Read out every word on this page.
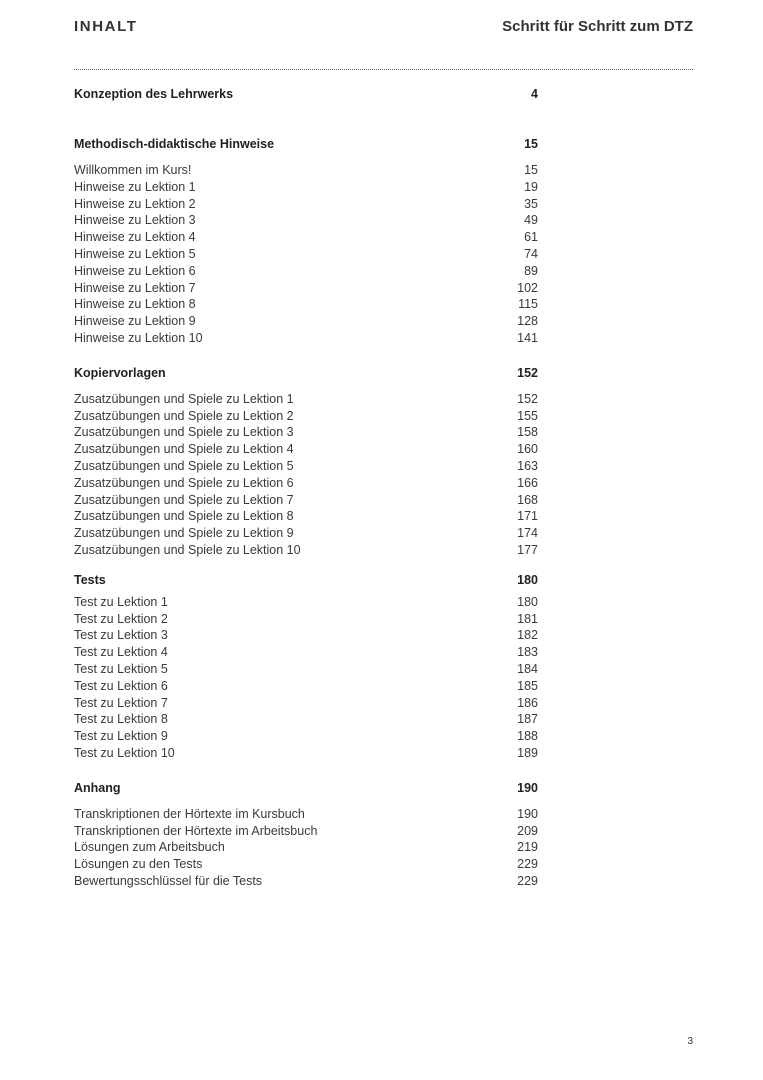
INHALT	Schritt für Schritt zum DTZ
Konzeption des Lehrwerks	4
Methodisch-didaktische Hinweise	15
Willkommen im Kurs!	15
Hinweise zu Lektion 1	19
Hinweise zu Lektion 2	35
Hinweise zu Lektion 3	49
Hinweise zu Lektion 4	61
Hinweise zu Lektion 5	74
Hinweise zu Lektion 6	89
Hinweise zu Lektion 7	102
Hinweise zu Lektion 8	115
Hinweise zu Lektion 9	128
Hinweise zu Lektion 10	141
Kopiervorlagen	152
Zusatzübungen und Spiele zu Lektion 1	152
Zusatzübungen und Spiele zu Lektion 2	155
Zusatzübungen und Spiele zu Lektion 3	158
Zusatzübungen und Spiele zu Lektion 4	160
Zusatzübungen und Spiele zu Lektion 5	163
Zusatzübungen und Spiele zu Lektion 6	166
Zusatzübungen und Spiele zu Lektion 7	168
Zusatzübungen und Spiele zu Lektion 8	171
Zusatzübungen und Spiele zu Lektion 9	174
Zusatzübungen und Spiele zu Lektion 10	177
Tests	180
Test zu Lektion 1	180
Test zu Lektion 2	181
Test zu Lektion 3	182
Test zu Lektion 4	183
Test zu Lektion 5	184
Test zu Lektion 6	185
Test zu Lektion 7	186
Test zu Lektion 8	187
Test zu Lektion 9	188
Test zu Lektion 10	189
Anhang	190
Transkriptionen der Hörtexte im Kursbuch	190
Transkriptionen der Hörtexte im Arbeitsbuch	209
Lösungen zum Arbeitsbuch	219
Lösungen zu den Tests	229
Bewertungsschlüssel für die Tests	229
3
